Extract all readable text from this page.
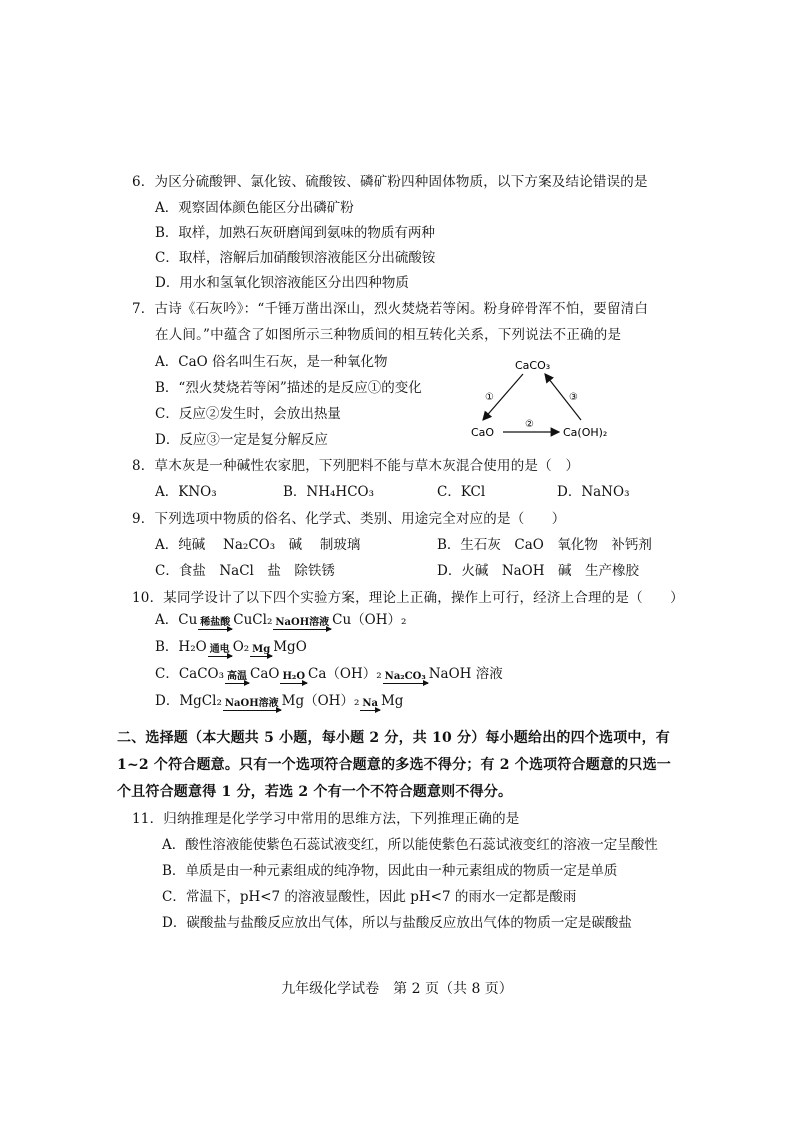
6．为区分硫酸钾、氯化铵、硫酸铵、磷矿粉四种固体物质，以下方案及结论错误的是
A．观察固体颜色能区分出磷矿粉
B．取样，加熟石灰研磨闻到氨味的物质有两种
C．取样，溶解后加硝酸钡溶液能区分出硫酸铵
D．用水和氢氧化钡溶液能区分出四种物质
7．古诗《石灰吟》：“千锤万凿出深山，烈火焚烧若等闲。粉身碎骨浑不怕，要留清白
在人间。”中蕴含了如图所示三种物质间的相互转化关系，下列说法不正确的是
A．CaO 俗名叫生石灰，是一种氧化物
B．“烈火焚烧若等闲”描述的是反应①的变化
C．反应②发生时，会放出热量
D．反应③一定是复分解反应
CaCO₃
CaO	Ca(OH)₂
①	③
②
8．草木灰是一种碱性农家肥，下列肥料不能与草木灰混合使用的是（　）
A．KNO₃	B．NH₄HCO₃	C．KCl	D．NaNO₃
9．下列选项中物质的俗名、化学式、类别、用途完全对应的是（　　）
A．纯碱　 Na₂CO₃　碱　 制玻璃	B．生石灰　CaO　氧化物　补钙剂
C．食盐　NaCl　盐　除铁锈	D．火碱　NaOH　碱　生产橡胶
10．某同学设计了以下四个实验方案，理论上正确，操作上可行，经济上合理的是（　　）
A．Cu 稀盐酸 CuCl₂ NaOH溶液 Cu（OH）₂
B．H₂O 通电 O₂ Mg MgO
C．CaCO₃ 高温 CaO H₂O Ca（OH）₂ Na₂CO₃ NaOH 溶液
D．MgCl₂ NaOH溶液 Mg（OH）₂ Na Mg
二、选择题（本大题共 5 小题，每小题 2 分，共 10 分）每小题给出的四个选项中，有
1~2 个符合题意。只有一个选项符合题意的多选不得分；有 2 个选项符合题意的只选一
个且符合题意得 1 分，若选 2 个有一个不符合题意则不得分。
11．归纳推理是化学学习中常用的思维方法，下列推理正确的是
A．酸性溶液能使紫色石蕊试液变红，所以能使紫色石蕊试液变红的溶液一定呈酸性
B．单质是由一种元素组成的纯净物，因此由一种元素组成的物质一定是单质
C．常温下，pH<7 的溶液显酸性，因此 pH<7 的雨水一定都是酸雨
D．碳酸盐与盐酸反应放出气体，所以与盐酸反应放出气体的物质一定是碳酸盐
九年级化学试卷　第 2 页（共 8 页）
